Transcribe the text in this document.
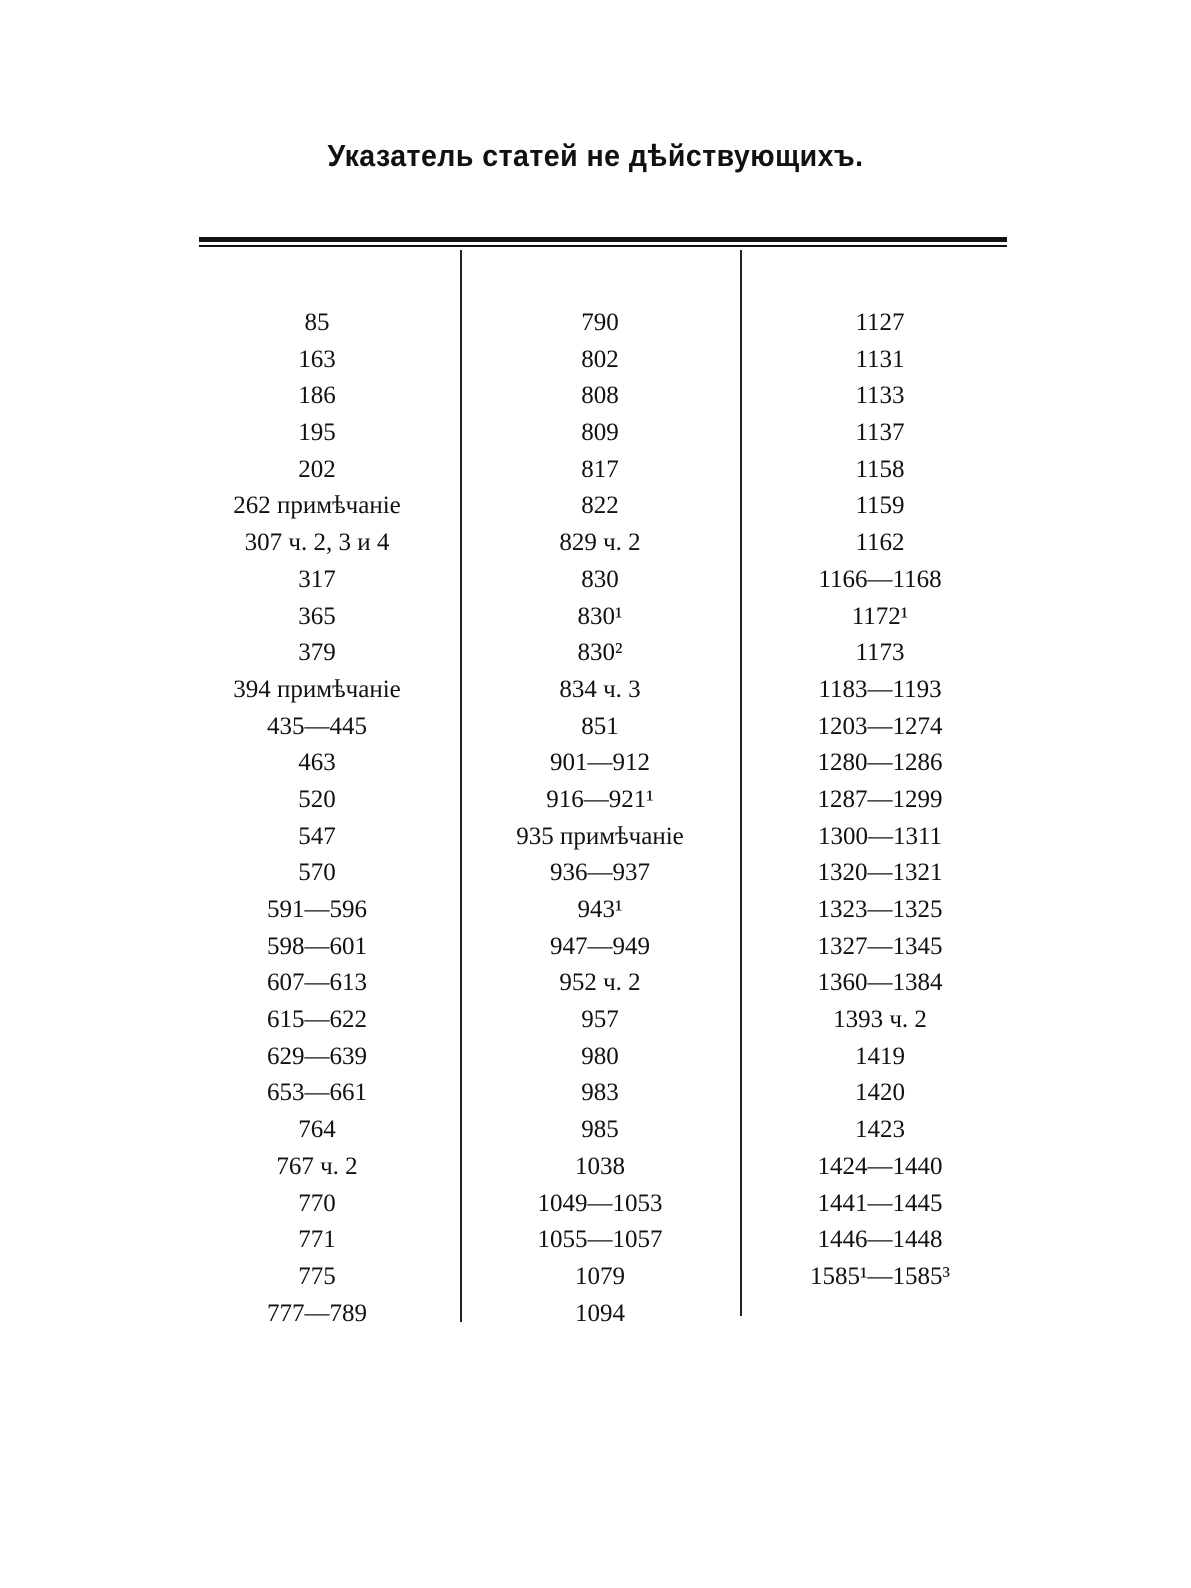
Указатель статей не дѣйствующихъ.
85
163
186
195
202
262 примѣчаніе
307 ч. 2, 3 и 4
317
365
379
394 примѣчаніе
435—445
463
520
547
570
591—596
598—601
607—613
615—622
629—639
653—661
764
767 ч. 2
770
771
775
777—789
790
802
808
809
817
822
829 ч. 2
830
830¹
830²
834 ч. 3
851
901—912
916—921¹
935 примѣчаніе
936—937
943¹
947—949
952 ч. 2
957
980
983
985
1038
1049—1053
1055—1057
1079
1094
1127
1131
1133
1137
1158
1159
1162
1166—1168
1172¹
1173
1183—1193
1203—1274
1280—1286
1287—1299
1300—1311
1320—1321
1323—1325
1327—1345
1360—1384
1393 ч. 2
1419
1420
1423
1424—1440
1441—1445
1446—1448
1585¹—1585³
